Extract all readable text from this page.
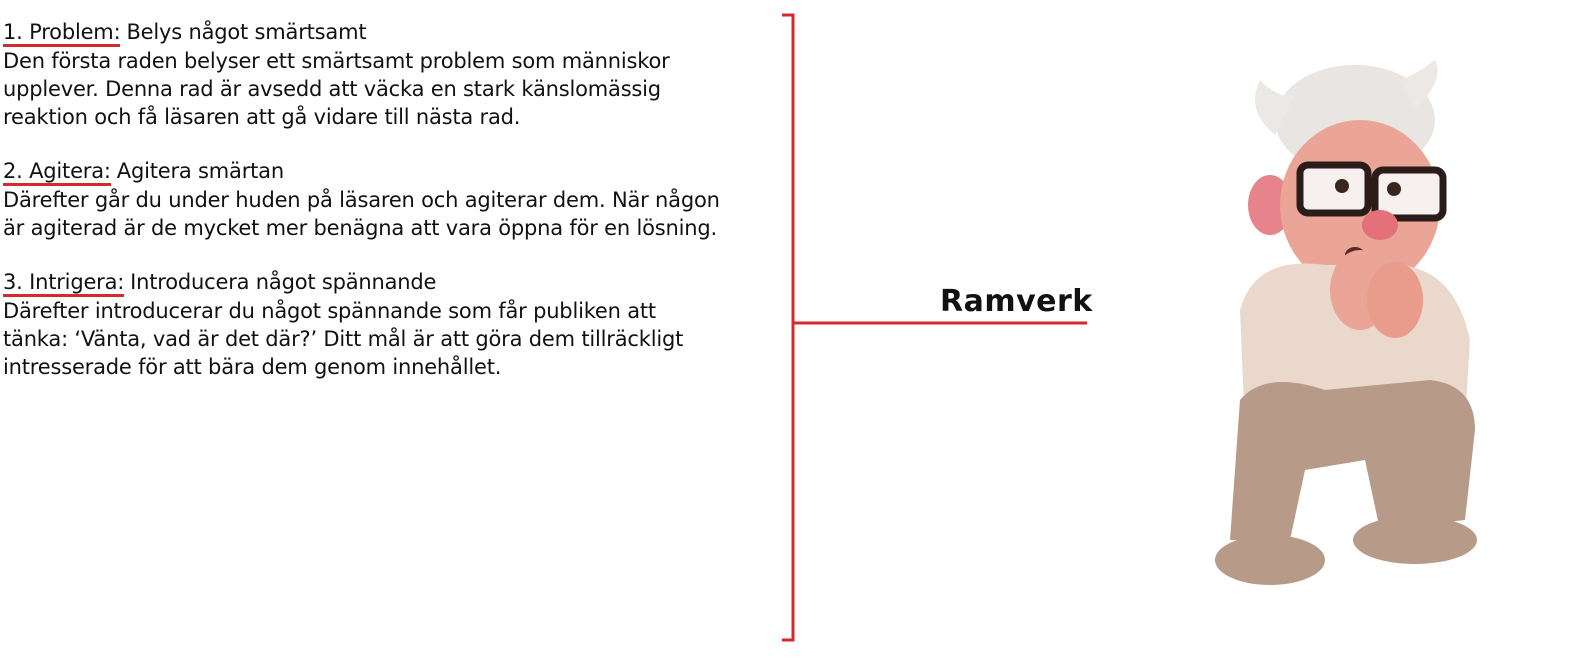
1. Problem: Belys något smärtsamt
Den första raden belyser ett smärtsamt problem som människor
upplever. Denna rad är avsedd att väcka en stark känslomässig
reaktion och få läsaren att gå vidare till nästa rad.
2. Agitera: Agitera smärtan
Därefter går du under huden på läsaren och agiterar dem. När någon
är agiterad är de mycket mer benägna att vara öppna för en lösning.
3. Intrigera: Introducera något spännande
Därefter introducerar du något spännande som får publiken att
tänka: ‘Vänta, vad är det där?’ Ditt mål är att göra dem tillräckligt
intresserade för att bära dem genom innehållet.
Ramverk
